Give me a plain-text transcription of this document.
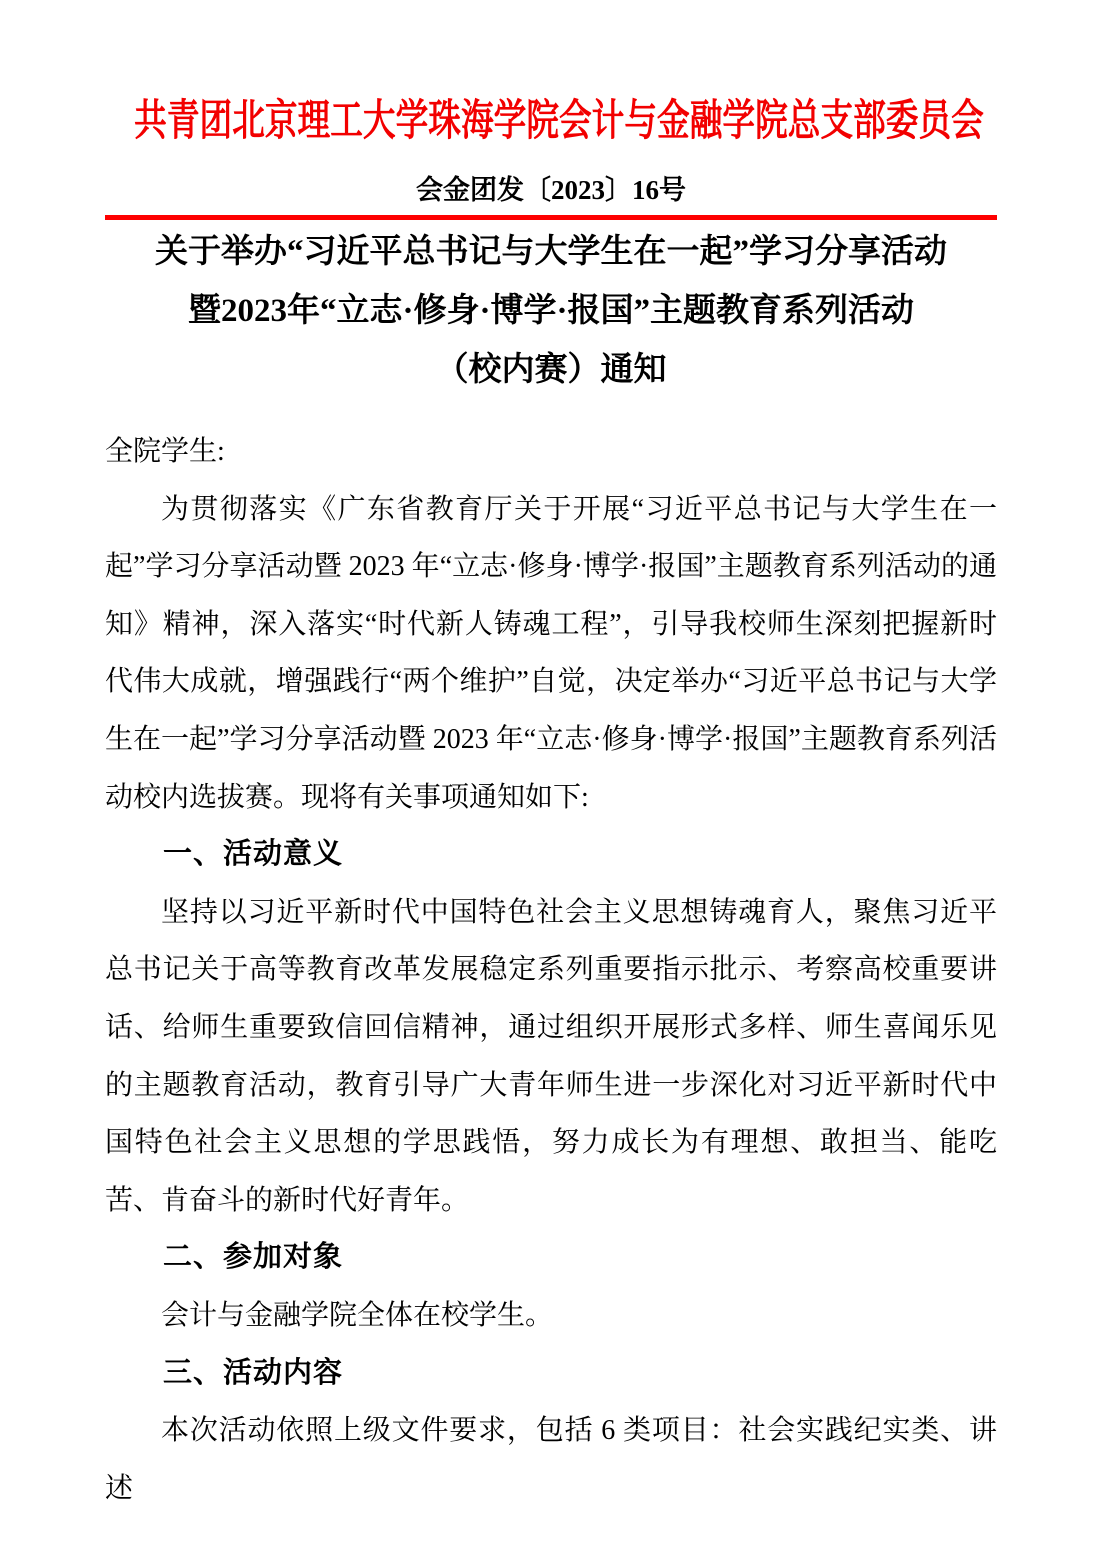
共青团北京理工大学珠海学院会计与金融学院总支部委员会
会金团发〔2023〕16号
关于举办“习近平总书记与大学生在一起”学习分享活动
暨2023年“立志·修身·博学·报国”主题教育系列活动
（校内赛）通知

全院学生:

为贯彻落实《广东省教育厅关于开展“习近平总书记与大学生在一起”学习分享活动暨 2023 年“立志·修身·博学·报国”主题教育系列活动的通知》精神，深入落实“时代新人铸魂工程”，引导我校师生深刻把握新时代伟大成就，增强践行“两个维护”自觉，决定举办“习近平总书记与大学生在一起”学习分享活动暨 2023 年“立志·修身·博学·报国”主题教育系列活动校内选拔赛。现将有关事项通知如下:

一、活动意义

坚持以习近平新时代中国特色社会主义思想铸魂育人，聚焦习近平总书记关于高等教育改革发展稳定系列重要指示批示、考察高校重要讲话、给师生重要致信回信精神，通过组织开展形式多样、师生喜闻乐见的主题教育活动，教育引导广大青年师生进一步深化对习近平新时代中国特色社会主义思想的学思践悟，努力成长为有理想、敢担当、能吃苦、肯奋斗的新时代好青年。

二、参加对象

会计与金融学院全体在校学生。

三、活动内容

本次活动依照上级文件要求，包括 6 类项目：社会实践纪实类、讲述
